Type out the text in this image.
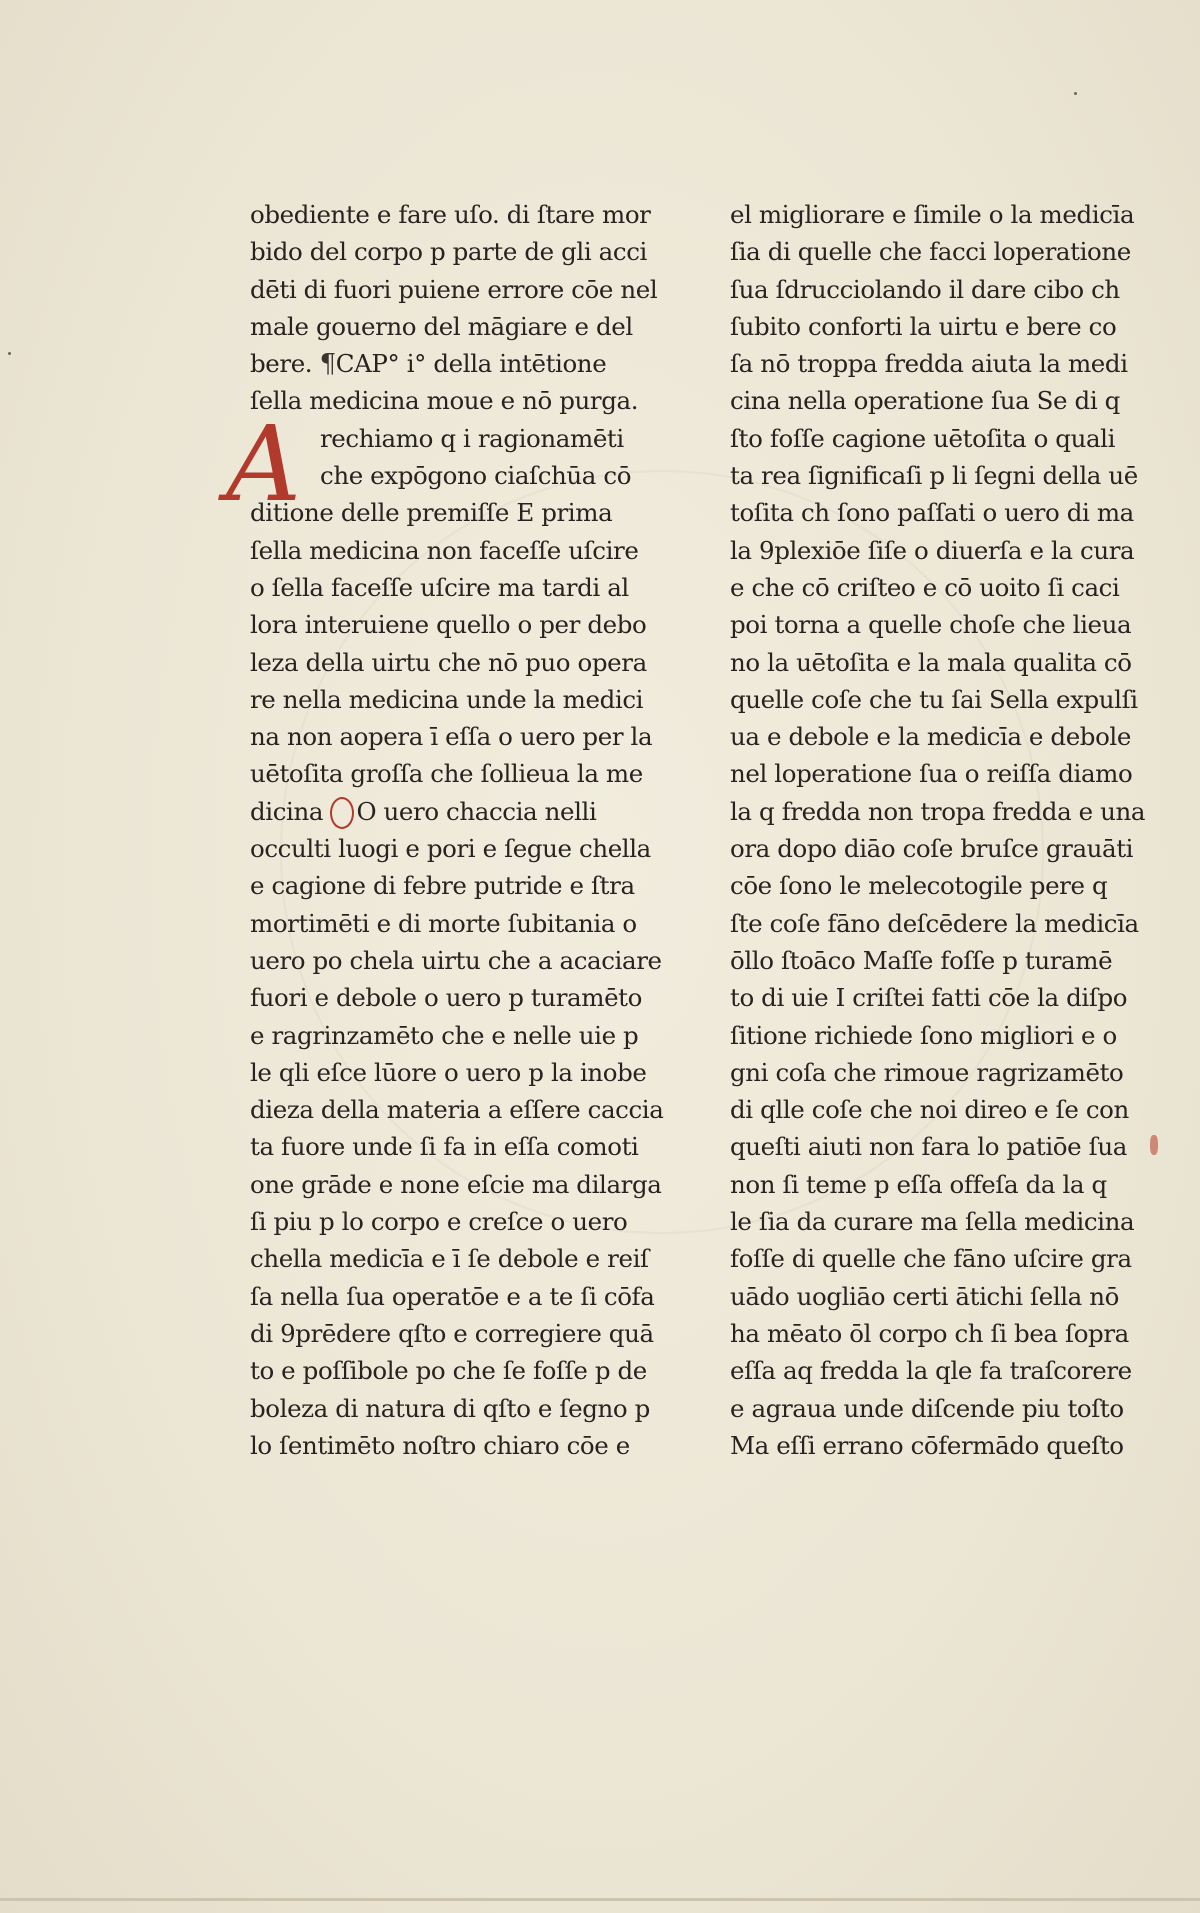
A
obediente e fare uſo. di ſtare mor
bido del corpo p parte de gli acci
dēti di fuori puiene errore cōe nel
male gouerno del māgiare e del
bere. ¶CAP° i° della intētione
ſella medicina moue e nō purga.
rechiamo q i ragionamēti
che expōgono ciaſchūa cō
ditione delle premiſſe E prima
ſella medicina non faceſſe uſcire
o ſella faceſſe uſcire ma tardi al
lora interuiene quello o per debo
leza della uirtu che nō puo opera
re nella medicina unde la medici
na non aopera ī eſſa o uero per la
uētoſita groſſa che ſollieua la me
dicina O uero chaccia nelli
occulti luogi e pori e ſegue chella
e cagione di febre putride e ſtra
mortimēti e di morte ſubitania o
uero po chela uirtu che a acaciare
fuori e debole o uero p turamēto
e ragrinzamēto che e nelle uie p
le qli eſce lūore o uero p la inobe
dieza della materia a eſſere caccia
ta fuore unde ſi fa in eſſa comoti
one grāde e none eſcie ma dilarga
ſi piu p lo corpo e creſce o uero
chella medicīa e ī ſe debole e reiſ
ſa nella ſua operatōe e a te ſi cōfa
di 9prēdere qſto e corregiere quā
to e poſſibole po che ſe foſſe p de
boleza di natura di qſto e ſegno p
lo ſentimēto noſtro chiaro cōe e
el migliorare e ſimile o la medicīa
ſia di quelle che facci loperatione
ſua ſdrucciolando il dare cibo ch
ſubito conforti la uirtu e bere co
ſa nō troppa fredda aiuta la medi
cina nella operatione ſua Se di q
ſto foſſe cagione uētoſita o quali
ta rea ſignificaſi p li ſegni della uē
toſita ch ſono paſſati o uero di ma
la 9plexiōe ſiſe o diuerſa e la cura
e che cō criſteo e cō uoito ſi caci
poi torna a quelle choſe che lieua
no la uētoſita e la mala qualita cō
quelle coſe che tu ſai Sella expulſi
ua e debole e la medicīa e debole
nel loperatione ſua o reiſſa diamo
la q fredda non tropa fredda e una
ora dopo diāo coſe bruſce grauāti
cōe ſono le melecotogile pere q
ſte coſe fāno deſcēdere la medicīa
ōllo ſtoāco Maſſe foſſe p turamē
to di uie I criſtei fatti cōe la diſpo
ſitione richiede ſono migliori e o
gni coſa che rimoue ragrizamēto
di qlle coſe che noi direo e ſe con
queſti aiuti non fara lo patiōe ſua
non ſi teme p eſſa offeſa da la q
le ſia da curare ma ſella medicina
foſſe di quelle che fāno uſcire gra
uādo uogliāo certi ātichi ſella nō
ha mēato ōl corpo ch ſi bea ſopra
eſſa aq fredda la qle fa traſcorere
e agraua unde diſcende piu toſto
Ma eſſi errano cōfermādo queſto
